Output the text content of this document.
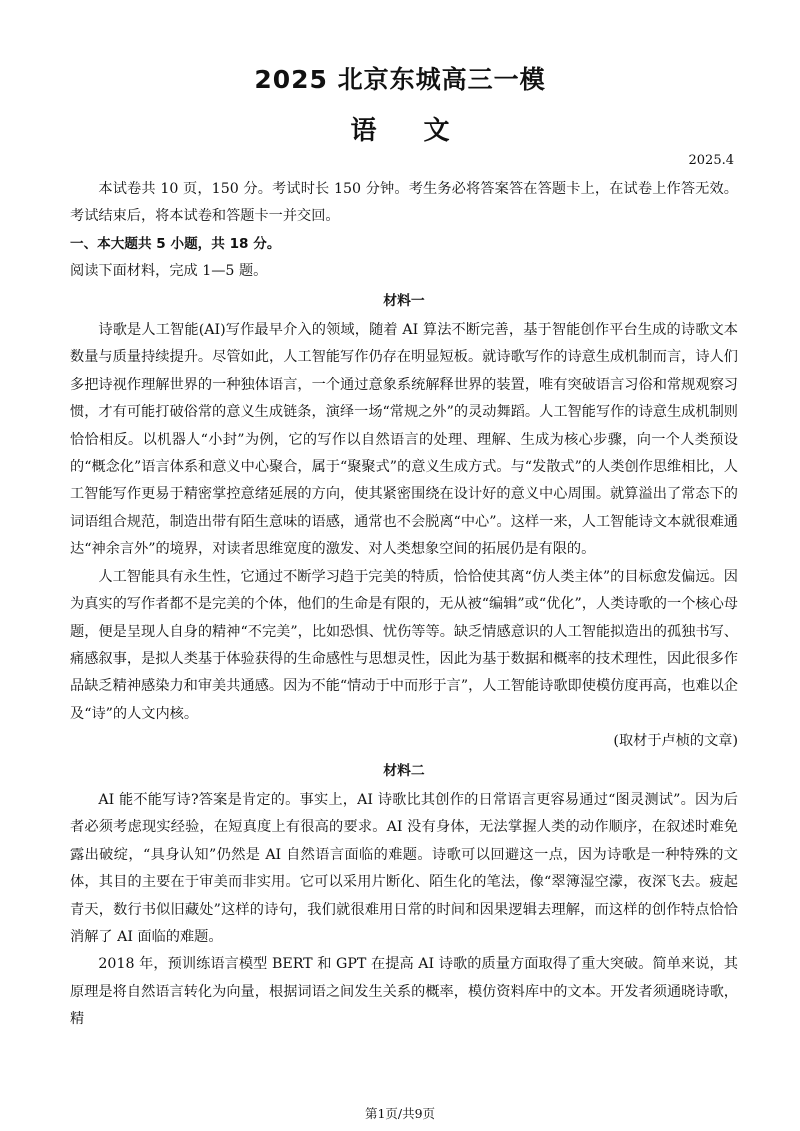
2025 北京东城高三一模
语 文
2025.4

本试卷共 10 页，150 分。考试时长 150 分钟。考生务必将答案答在答题卡上，在试卷上作答无效。考试结束后，将本试卷和答题卡一并交回。

一、本大题共 5 小题，共 18 分。

阅读下面材料，完成 1—5 题。

材料一

诗歌是人工智能(AI)写作最早介入的领域，随着 AI 算法不断完善，基于智能创作平台生成的诗歌文本数量与质量持续提升。尽管如此，人工智能写作仍存在明显短板。就诗歌写作的诗意生成机制而言，诗人们多把诗视作理解世界的一种独体语言，一个通过意象系统解释世界的装置，唯有突破语言习俗和常规观察习惯，才有可能打破俗常的意义生成链条，演绎一场“常规之外”的灵动舞蹈。人工智能写作的诗意生成机制则恰恰相反。以机器人“小封”为例，它的写作以自然语言的处理、理解、生成为核心步骤，向一个人类预设的“概念化”语言体系和意义中心聚合，属于“聚聚式”的意义生成方式。与“发散式”的人类创作思维相比，人工智能写作更易于精密掌控意绪延展的方向，使其紧密围绕在设计好的意义中心周围。就算溢出了常态下的词语组合规范，制造出带有陌生意味的语感，通常也不会脱离“中心”。这样一来，人工智能诗文本就很难通达“神余言外”的境界，对读者思维宽度的激发、对人类想象空间的拓展仍是有限的。

人工智能具有永生性，它通过不断学习趋于完美的特质，恰恰使其离“仿人类主体”的目标愈发偏远。因为真实的写作者都不是完美的个体，他们的生命是有限的，无从被“编辑”或“优化”，人类诗歌的一个核心母题，便是呈现人自身的精神“不完美”，比如恐惧、忧伤等等。缺乏情感意识的人工智能拟造出的孤独书写、痛感叙事，是拟人类基于体验获得的生命感性与思想灵性，因此为基于数据和概率的技术理性，因此很多作品缺乏精神感染力和审美共通感。因为不能“情动于中而形于言”，人工智能诗歌即使模仿度再高，也难以企及“诗”的人文内核。

(取材于卢桢的文章)

材料二

AI 能不能写诗?答案是肯定的。事实上，AI 诗歌比其创作的日常语言更容易通过“图灵测试”。因为后者必须考虑现实经验，在短真度上有很高的要求。AI 没有身体，无法掌握人类的动作顺序，在叙述时难免露出破绽，“具身认知”仍然是 AI 自然语言面临的难题。诗歌可以回避这一点，因为诗歌是一种特殊的文体，其目的主要在于审美而非实用。它可以采用片断化、陌生化的笔法，像“翠簿湿空濛，夜深飞去。疲起青天，数行书似旧藏处”这样的诗句，我们就很难用日常的时间和因果逻辑去理解，而这样的创作特点恰恰消解了 AI 面临的难题。

2018 年，预训练语言模型 BERT 和 GPT 在提高 AI 诗歌的质量方面取得了重大突破。简单来说，其原理是将自然语言转化为向量，根据词语之间发生关系的概率，模仿资料库中的文本。开发者须通晓诗歌，精

第1页/共9页
